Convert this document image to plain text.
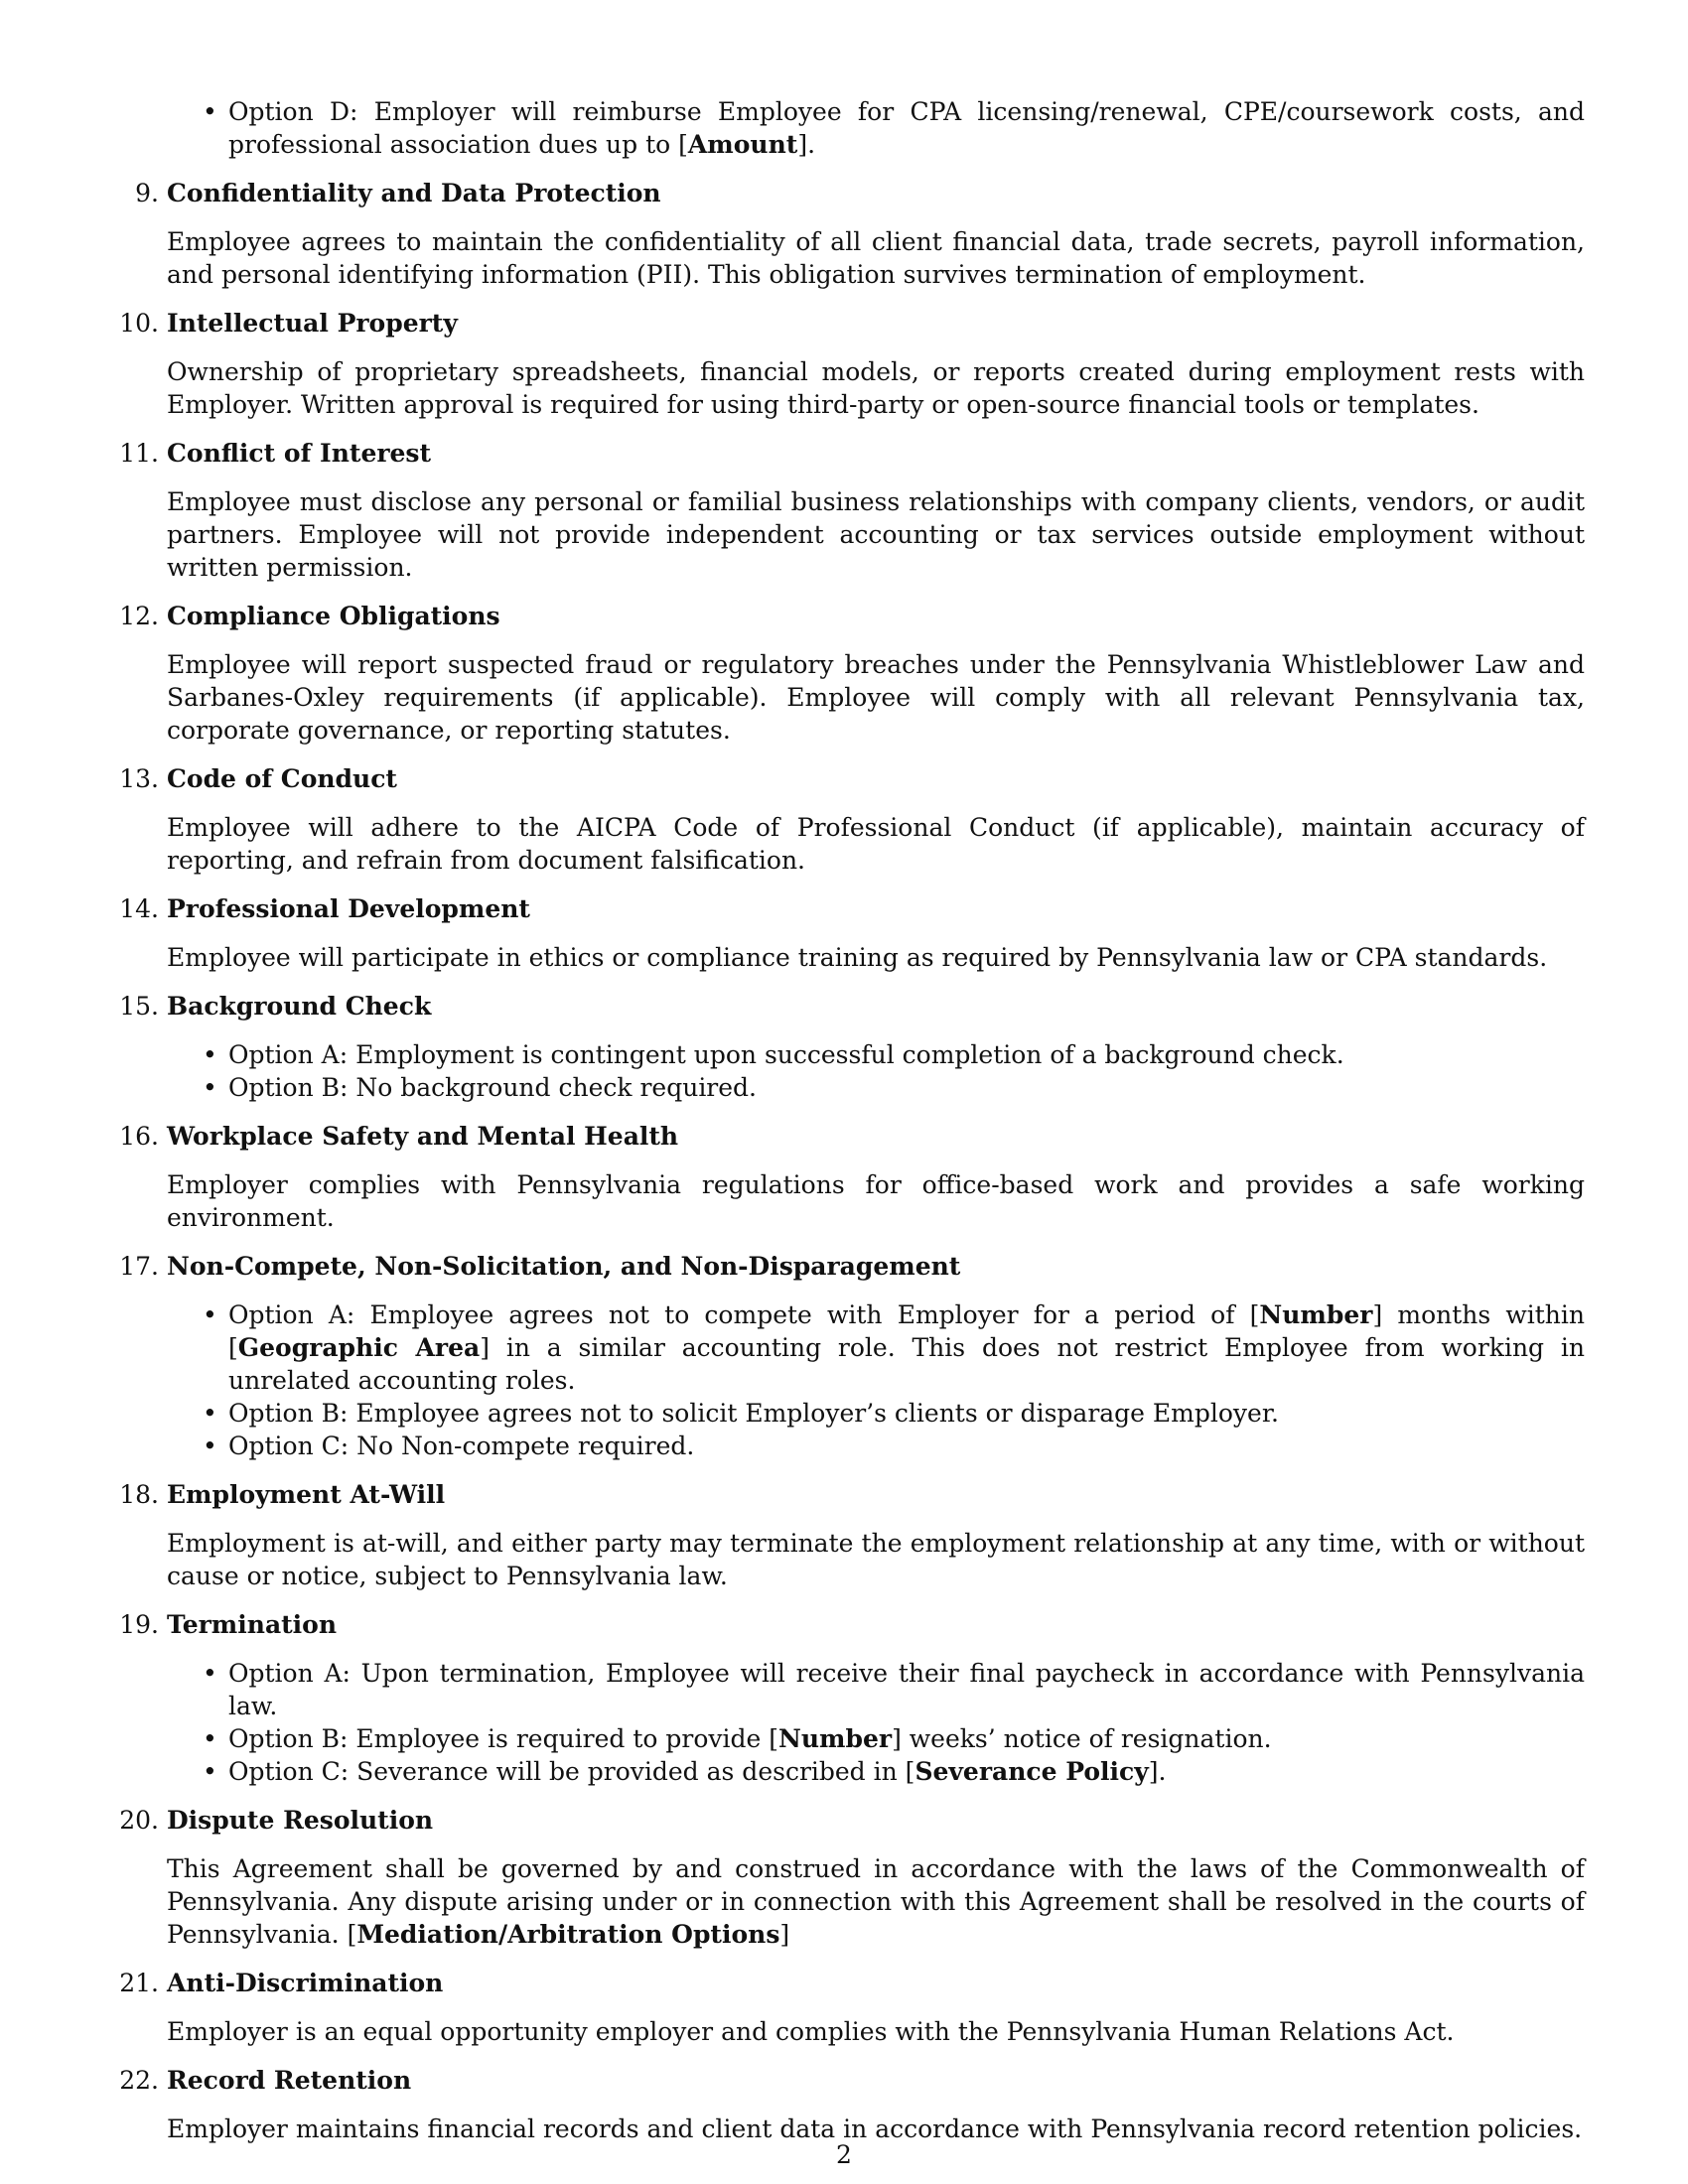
• Option D: Employer will reimburse Employee for CPA licensing/renewal, CPE/coursework costs, and professional association dues up to [Amount].
9. Confidentiality and Data Protection
Employee agrees to maintain the confidentiality of all client financial data, trade secrets, payroll information, and personal identifying information (PII). This obligation survives termination of employment.
10. Intellectual Property
Ownership of proprietary spreadsheets, financial models, or reports created during employment rests with Employer. Written approval is required for using third-party or open-source financial tools or templates.
11. Conflict of Interest
Employee must disclose any personal or familial business relationships with company clients, vendors, or audit partners. Employee will not provide independent accounting or tax services outside employment without written permission.
12. Compliance Obligations
Employee will report suspected fraud or regulatory breaches under the Pennsylvania Whistleblower Law and Sarbanes-Oxley requirements (if applicable). Employee will comply with all relevant Pennsylvania tax, corporate governance, or reporting statutes.
13. Code of Conduct
Employee will adhere to the AICPA Code of Professional Conduct (if applicable), maintain accuracy of reporting, and refrain from document falsification.
14. Professional Development
Employee will participate in ethics or compliance training as required by Pennsylvania law or CPA standards.
15. Background Check
• Option A: Employment is contingent upon successful completion of a background check.
• Option B: No background check required.
16. Workplace Safety and Mental Health
Employer complies with Pennsylvania regulations for office-based work and provides a safe working environment.
17. Non-Compete, Non-Solicitation, and Non-Disparagement
• Option A: Employee agrees not to compete with Employer for a period of [Number] months within [Geographic Area] in a similar accounting role. This does not restrict Employee from working in unrelated accounting roles.
• Option B: Employee agrees not to solicit Employer’s clients or disparage Employer.
• Option C: No Non-compete required.
18. Employment At-Will
Employment is at-will, and either party may terminate the employment relationship at any time, with or without cause or notice, subject to Pennsylvania law.
19. Termination
• Option A: Upon termination, Employee will receive their final paycheck in accordance with Pennsylvania law.
• Option B: Employee is required to provide [Number] weeks’ notice of resignation.
• Option C: Severance will be provided as described in [Severance Policy].
20. Dispute Resolution
This Agreement shall be governed by and construed in accordance with the laws of the Commonwealth of Pennsylvania. Any dispute arising under or in connection with this Agreement shall be resolved in the courts of Pennsylvania. [Mediation/Arbitration Options]
21. Anti-Discrimination
Employer is an equal opportunity employer and complies with the Pennsylvania Human Relations Act.
22. Record Retention
Employer maintains financial records and client data in accordance with Pennsylvania record retention policies.
2
